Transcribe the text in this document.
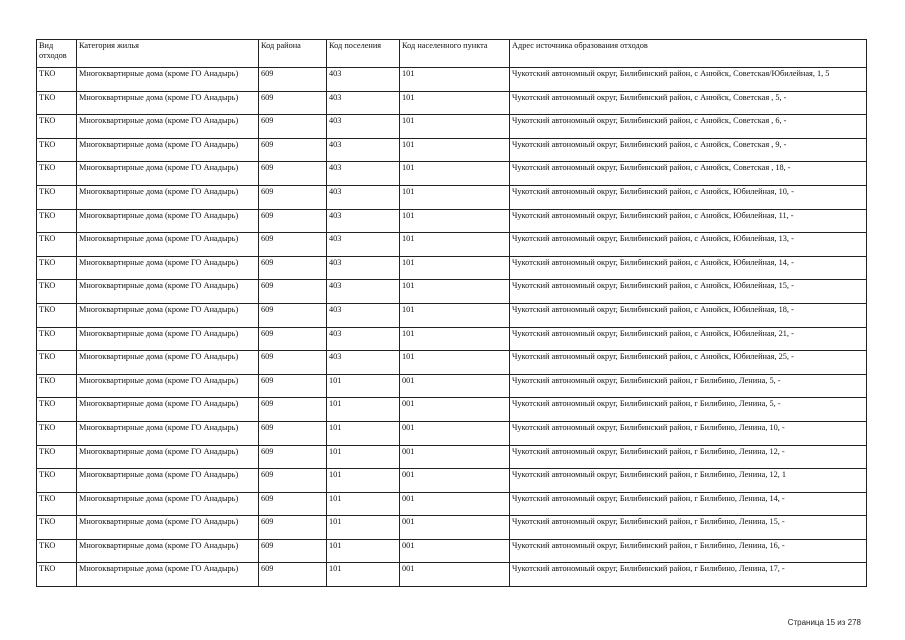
Вид отходов	Категория жилья	Код района	Код поселения	Код населенного пункта	Адрес источника образования отходов
ТКО	Многоквартирные дома (кроме ГО Анадырь)	609	403	101	Чукотский автономный округ, Билибинский район, с Анюйск, Советская/Юбилейная, 1, 5
ТКО	Многоквартирные дома (кроме ГО Анадырь)	609	403	101	Чукотский автономный округ, Билибинский район, с Анюйск, Советская , 5, -
ТКО	Многоквартирные дома (кроме ГО Анадырь)	609	403	101	Чукотский автономный округ, Билибинский район, с Анюйск, Советская , 6, -
ТКО	Многоквартирные дома (кроме ГО Анадырь)	609	403	101	Чукотский автономный округ, Билибинский район, с Анюйск, Советская , 9, -
ТКО	Многоквартирные дома (кроме ГО Анадырь)	609	403	101	Чукотский автономный округ, Билибинский район, с Анюйск, Советская , 18, -
ТКО	Многоквартирные дома (кроме ГО Анадырь)	609	403	101	Чукотский автономный округ, Билибинский район, с Анюйск, Юбилейная, 10, -
ТКО	Многоквартирные дома (кроме ГО Анадырь)	609	403	101	Чукотский автономный округ, Билибинский район, с Анюйск, Юбилейная, 11, -
ТКО	Многоквартирные дома (кроме ГО Анадырь)	609	403	101	Чукотский автономный округ, Билибинский район, с Анюйск, Юбилейная, 13, -
ТКО	Многоквартирные дома (кроме ГО Анадырь)	609	403	101	Чукотский автономный округ, Билибинский район, с Анюйск, Юбилейная, 14, -
ТКО	Многоквартирные дома (кроме ГО Анадырь)	609	403	101	Чукотский автономный округ, Билибинский район, с Анюйск, Юбилейная, 15, -
ТКО	Многоквартирные дома (кроме ГО Анадырь)	609	403	101	Чукотский автономный округ, Билибинский район, с Анюйск, Юбилейная, 18, -
ТКО	Многоквартирные дома (кроме ГО Анадырь)	609	403	101	Чукотский автономный округ, Билибинский район, с Анюйск, Юбилейная, 21, -
ТКО	Многоквартирные дома (кроме ГО Анадырь)	609	403	101	Чукотский автономный округ, Билибинский район, с Анюйск, Юбилейная, 25, -
ТКО	Многоквартирные дома (кроме ГО Анадырь)	609	101	001	Чукотский автономный округ, Билибинский район, г Билибино, Ленина, 5, -
ТКО	Многоквартирные дома (кроме ГО Анадырь)	609	101	001	Чукотский автономный округ, Билибинский район, г Билибино, Ленина, 5, -
ТКО	Многоквартирные дома (кроме ГО Анадырь)	609	101	001	Чукотский автономный округ, Билибинский район, г Билибино, Ленина, 10, -
ТКО	Многоквартирные дома (кроме ГО Анадырь)	609	101	001	Чукотский автономный округ, Билибинский район, г Билибино, Ленина, 12, -
ТКО	Многоквартирные дома (кроме ГО Анадырь)	609	101	001	Чукотский автономный округ, Билибинский район, г Билибино, Ленина, 12, 1
ТКО	Многоквартирные дома (кроме ГО Анадырь)	609	101	001	Чукотский автономный округ, Билибинский район, г Билибино, Ленина, 14, -
ТКО	Многоквартирные дома (кроме ГО Анадырь)	609	101	001	Чукотский автономный округ, Билибинский район, г Билибино, Ленина, 15, -
ТКО	Многоквартирные дома (кроме ГО Анадырь)	609	101	001	Чукотский автономный округ, Билибинский район, г Билибино, Ленина, 16, -
ТКО	Многоквартирные дома (кроме ГО Анадырь)	609	101	001	Чукотский автономный округ, Билибинский район, г Билибино, Ленина, 17, -
Страница 15 из 278
